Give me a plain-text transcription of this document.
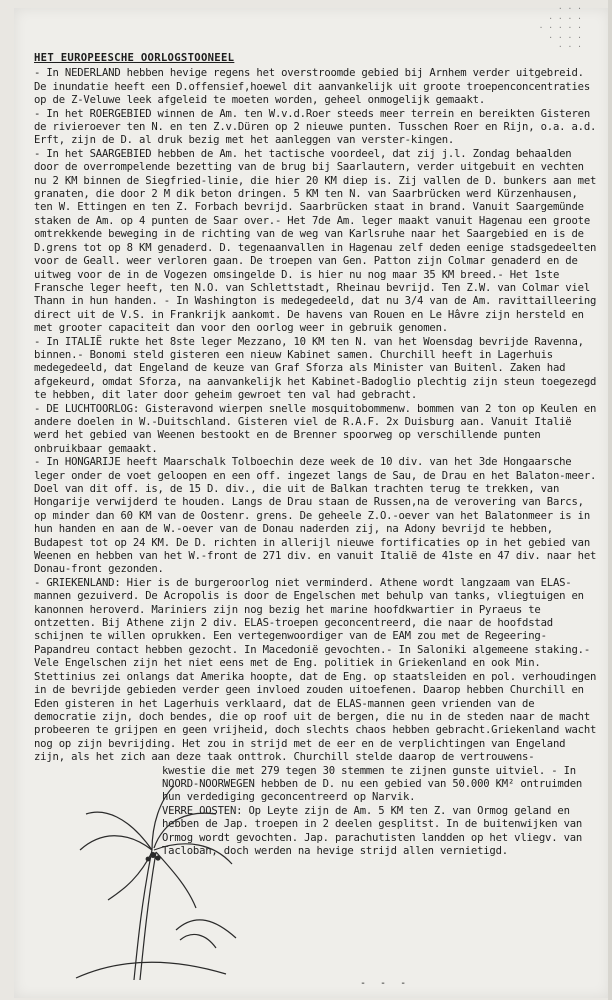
· · ·
· · · ·
· · · · ·
· · · ·
· · ·
HET EUROPEESCHE OORLOGSTOONEEL

- In NEDERLAND hebben hevige regens het overstroomde gebied bij Arnhem verder uitgebreid. De inundatie heeft een D.offensief,hoewel dit aanvankelijk uit groote troepenconcentraties op de Z-Veluwe leek afgeleid te moeten worden, geheel onmogelijk gemaakt.

- In het ROERGEBIED winnen de Am. ten W.v.d.Roer steeds meer terrein en bereikten Gisteren de rivieroever ten N. en ten Z.v.Düren op 2 nieuwe punten. Tusschen Roer en Rijn, o.a. a.d. Erft, zijn de D. al druk bezig met het aanleggen van verster-kingen.

- In het SAARGEBIED hebben de Am. het tactische voordeel, dat zij j.l. Zondag behaalden door de overrompelende bezetting van de brug bij Saarlautern, verder uitgebuit en vechten nu 2 KM binnen de Siegfried-linie, die hier 20 KM diep is. Zij vallen de D. bunkers aan met granaten, die door 2 M dik beton dringen. 5 KM ten N. van Saarbrücken werd Kürzenhausen, ten W. Ettingen en ten Z. Forbach bevrijd. Saarbrücken staat in brand. Vanuit Saargemünde staken de Am. op 4 punten de Saar over.- Het 7de Am. leger maakt vanuit Hagenau een groote omtrekkende beweging in de richting van de weg van Karlsruhe naar het Saargebied en is de D.grens tot op 8 KM genaderd. D. tegenaanvallen in Hagenau zelf deden eenige stadsgedeelten voor de Geall. weer verloren gaan. De troepen van Gen. Patton zijn Colmar genaderd en de uitweg voor de in de Vogezen omsingelde D. is hier nu nog maar 35 KM breed.- Het 1ste Fransche leger heeft, ten N.O. van Schlettstadt, Rheinau bevrijd. Ten Z.W. van Colmar viel Thann in hun handen. - In Washington is medegedeeld, dat nu 3/4 van de Am. ravittailleering direct uit de V.S. in Frankrijk aankomt. De havens van Rouen en Le Hâvre zijn hersteld en met grooter capaciteit dan voor den oorlog weer in gebruik genomen.

- In ITALIË rukte het 8ste leger Mezzano, 10 KM ten N. van het Woensdag bevrijde Ravenna, binnen.- Bonomi steld gisteren een nieuw Kabinet samen. Churchill heeft in Lagerhuis medegedeeld, dat Engeland de keuze van Graf Sforza als Minister van Buitenl. Zaken had afgekeurd, omdat Sforza, na aanvankelijk het Kabinet-Badoglio plechtig zijn steun toegezegd te hebben, dit later door geheim gewroet ten val had gebracht.

- DE LUCHTOORLOG: Gisteravond wierpen snelle mosquitobommenw. bommen van 2 ton op Keulen en andere doelen in W.-Duitschland. Gisteren viel de R.A.F. 2x Duisburg aan. Vanuit Italië werd het gebied van Weenen bestookt en de Brenner spoorweg op verschillende punten onbruikbaar gemaakt.

- In HONGARIJE heeft Maarschalk Tolboechin deze week de 10 div. van het 3de Hongaarsche leger onder de voet geloopen en een off. ingezet langs de Sau, de Drau en het Balaton-meer. Doel van dit off. is, de 15 D. div., die uit de Balkan trachten terug te trekken, van Hongarije verwijderd te houden. Langs de Drau staan de Russen,na de verovering van Barcs, op minder dan 60 KM van de Oostenr. grens. De geheele Z.O.-oever van het Balatonmeer is in hun handen en aan de W.-oever van de Donau naderden zij, na Adony bevrijd te hebben, Budapest tot op 24 KM. De D. richten in allerijl nieuwe fortificaties op in het gebied van Weenen en hebben van het W.-front de 271 div. en vanuit Italië de 41ste en 47 div. naar het Donau-front gezonden.

- GRIEKENLAND: Hier is de burgeroorlog niet verminderd. Athene wordt langzaam van ELAS-mannen gezuiverd. De Acropolis is door de Engelschen met behulp van tanks, vliegtuigen en kanonnen heroverd. Mariniers zijn nog bezig het marine hoofdkwartier in Pyraeus te ontzetten. Bij Athene zijn 2 div. ELAS-troepen geconcentreerd, die naar de hoofdstad schijnen te willen oprukken. Een vertegenwoordiger van de EAM zou met de Regeering-Papandreu contact hebben gezocht. In Macedonië gevochten.- In Saloniki algemeene staking.- Vele Engelschen zijn het niet eens met de Eng. politiek in Griekenland en ook Min. Stettinius zei onlangs dat Amerika hoopte, dat de Eng. op staatsleiden en pol. verhoudingen in de bevrijde gebieden verder geen invloed zouden uitoefenen. Daarop hebben Churchill en Eden gisteren in het Lagerhuis verklaard, dat de ELAS-mannen geen vrienden van de democratie zijn, doch bendes, die op roof uit de bergen, die nu in de steden naar de macht probeeren te grijpen en geen vrijheid, doch slechts chaos hebben gebracht.Griekenland wacht nog op zijn bevrijding. Het zou in strijd met de eer en de verplichtingen van Engeland zijn, als het zich aan deze taak onttrok. Churchill stelde daarop de vertrouwens-

kwestie die met 279 tegen 30 stemmen te zijnen gunste uitviel. - In NOORD-NOORWEGEN hebben de D. nu een gebied van 50.000 KM² ontruimden hun verdediging geconcentreerd op Narvik.

VERRE OOSTEN: Op Leyte zijn de Am. 5 KM ten Z. van Ormog geland en hebben de Jap. troepen in 2 deelen gesplitst. In de buitenwijken van Ormog wordt gevochten. Jap. parachutisten landden op het vliegv. van Tacloban, doch werden na hevige strijd allen vernietigd.

- - -
